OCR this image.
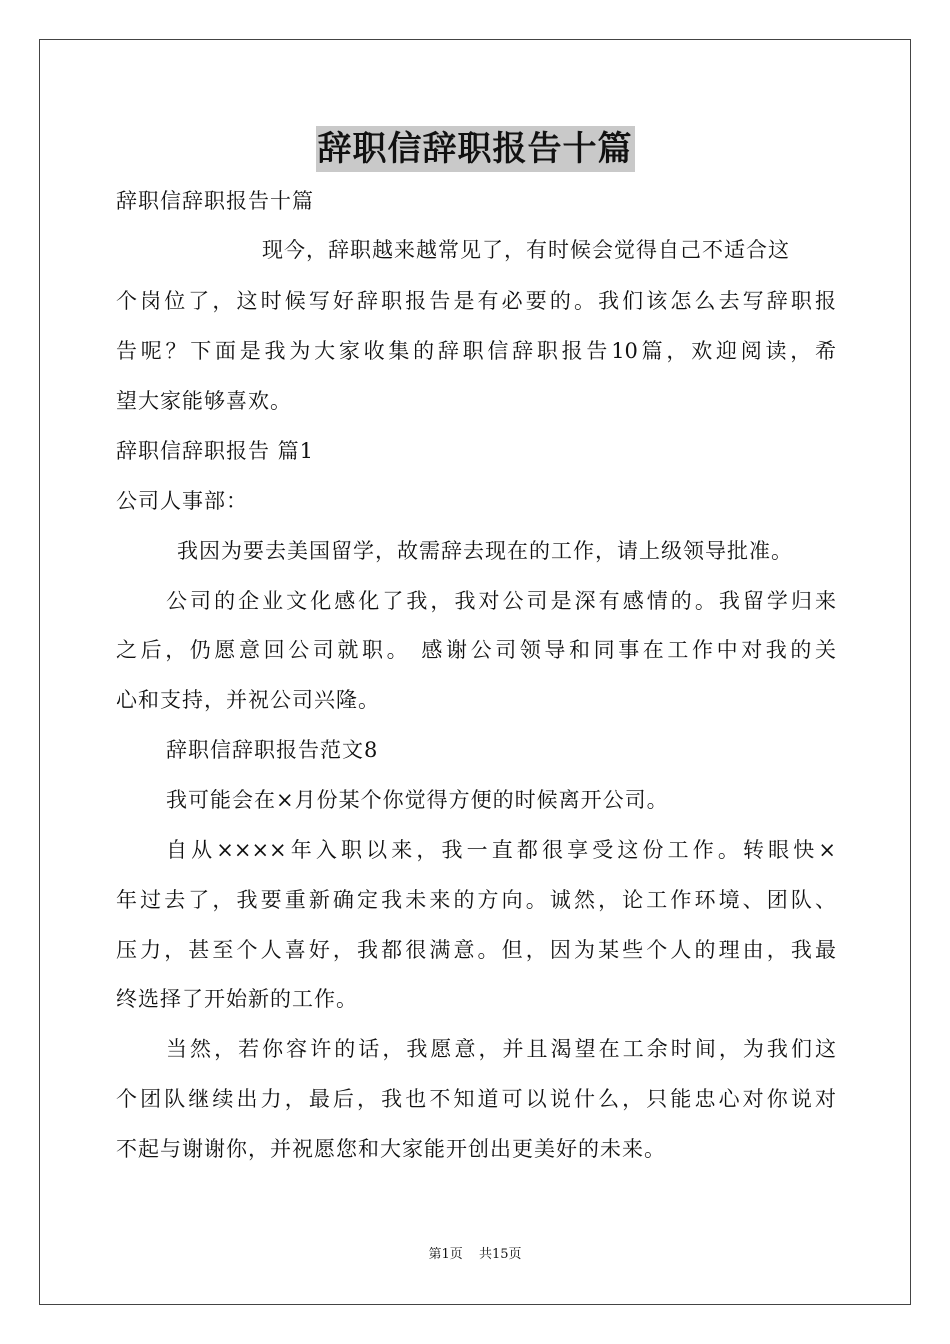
辞职信辞职报告十篇
辞职信辞职报告十篇
现今，辞职越来越常见了，有时候会觉得自己不适合这
个岗位了，这时候写好辞职报告是有必要的。我们该怎么去写辞职报
告呢？下面是我为大家收集的辞职信辞职报告10篇，欢迎阅读，希
望大家能够喜欢。
辞职信辞职报告 篇1
公司人事部：
我因为要去美国留学，故需辞去现在的工作，请上级领导批准。
公司的企业文化感化了我，我对公司是深有感情的。我留学归来
之后，仍愿意回公司就职。 感谢公司领导和同事在工作中对我的关
心和支持，并祝公司兴隆。
辞职信辞职报告范文8
我可能会在×月份某个你觉得方便的时候离开公司。
自从××××年入职以来，我一直都很享受这份工作。转眼快×
年过去了，我要重新确定我未来的方向。诚然，论工作环境、团队、
压力，甚至个人喜好，我都很满意。但，因为某些个人的理由，我最
终选择了开始新的工作。
当然，若你容许的话，我愿意，并且渴望在工余时间，为我们这
个团队继续出力，最后，我也不知道可以说什么，只能忠心对你说对
不起与谢谢你，并祝愿您和大家能开创出更美好的未来。
第1页 共15页
